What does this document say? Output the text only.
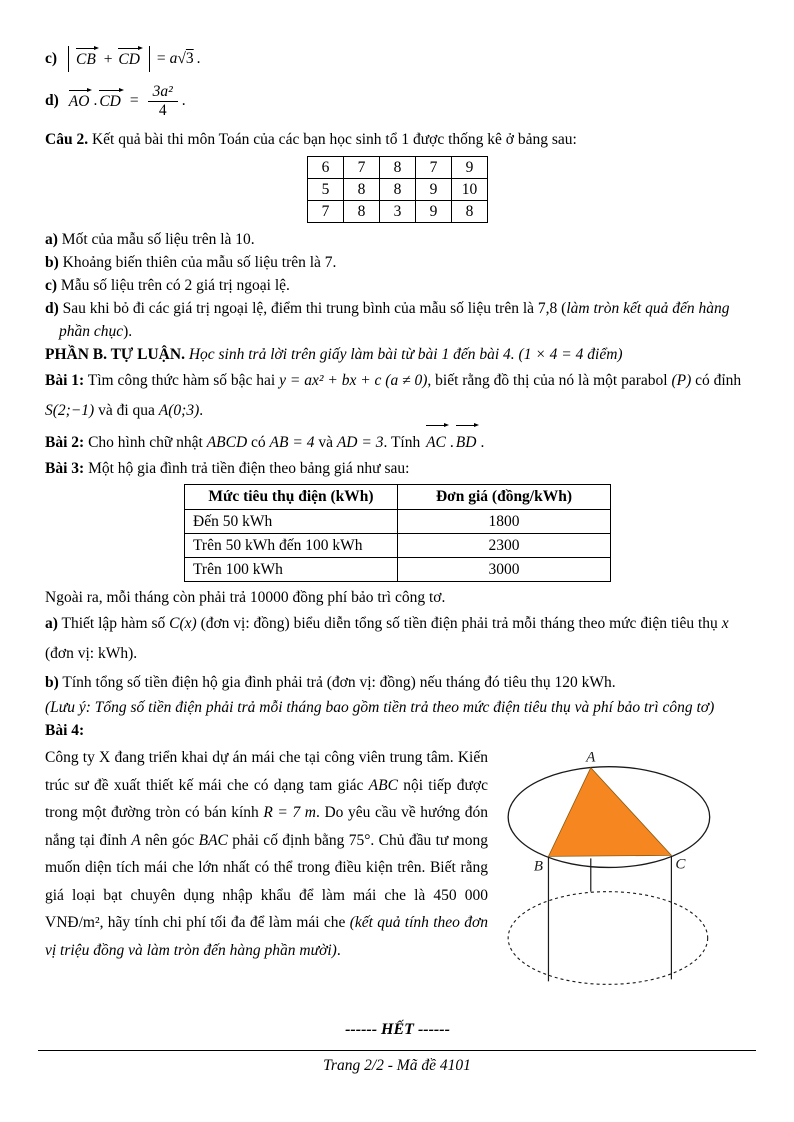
c)	CB + CD	= a √ 3 .
d) AO . CD = $\frac{\text{3a²}}{4}$ .

Câu 2. Kết quả bài thi môn Toán của các bạn học sinh tổ 1 được thống kê ở bảng sau:

6	7	8	7	9
5	8	8	9	10
7	8	3	9	8

a) Mốt của mẫu số liệu trên là 10.

b) Khoảng biến thiên của mẫu số liệu trên là 7.

c) Mẫu số liệu trên có 2 giá trị ngoại lệ.

d) Sau khi bỏ đi các giá trị ngoại lệ, điểm thi trung bình của mẫu số liệu trên là 7,8 (làm tròn kết quả đến hàng phần chục).

PHẦN B. TỰ LUẬN. Học sinh trả lời trên giấy làm bài từ bài 1 đến bài 4. (1 × 4 = 4 điểm)

Bài 1: Tìm công thức hàm số bậc hai y = ax² + bx + c (a ≠ 0), biết rằng đồ thị của nó là một parabol (P) có đỉnh S(2;−1) và đi qua A(0;3).

Bài 2: Cho hình chữ nhật ABCD có AB = 4 và AD = 3. Tính AC . BD .

Bài 3: Một hộ gia đình trả tiền điện theo bảng giá như sau:

Mức tiêu thụ điện (kWh)	Đơn giá (đồng/kWh)
Đến 50 kWh	1800
Trên 50 kWh đến 100 kWh	2300
Trên 100 kWh	3000

Ngoài ra, mỗi tháng còn phải trả 10000 đồng phí bảo trì công tơ.

a) Thiết lập hàm số C(x) (đơn vị: đồng) biểu diễn tổng số tiền điện phải trả mỗi tháng theo mức điện tiêu thụ x (đơn vị: kWh).

b) Tính tổng số tiền điện hộ gia đình phải trả (đơn vị: đồng) nếu tháng đó tiêu thụ 120 kWh.

(Lưu ý: Tổng số tiền điện phải trả mỗi tháng bao gồm tiền trả theo mức điện tiêu thụ và phí bảo trì công tơ)

Bài 4:

Công ty X đang triển khai dự án mái che tại công viên trung tâm. Kiến trúc sư đề xuất thiết kế mái che có dạng tam giác ABC nội tiếp được trong một đường tròn có bán kính R = 7 m. Do yêu cầu về hướng đón nắng tại đỉnh A nên góc BAC phải cố định bằng 75°. Chủ đầu tư mong muốn diện tích mái che lớn nhất có thể trong điều kiện trên. Biết rằng giá loại bạt chuyên dụng nhập khẩu để làm mái che là 450 000 VNĐ/m², hãy tính chi phí tối đa để làm mái che (kết quả tính theo đơn vị triệu đồng và làm tròn đến hàng phần mười).
A
B	C

------ HẾT ------

Trang 2/2 - Mã đề 4101
